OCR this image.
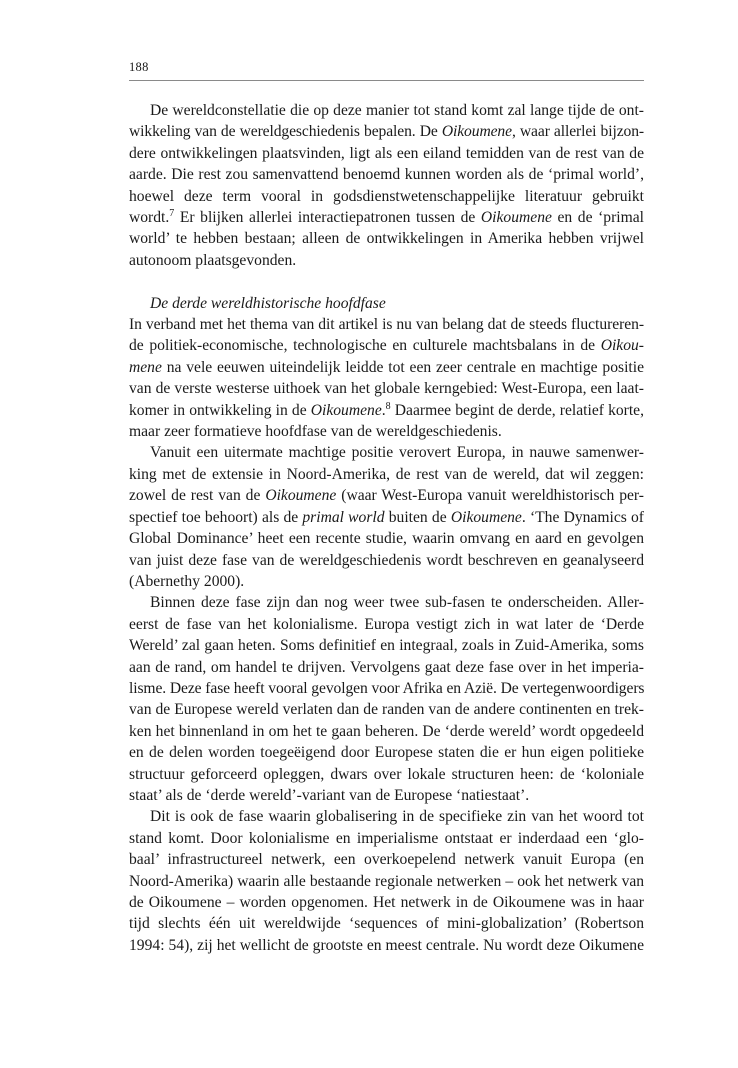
188
De wereldconstellatie die op deze manier tot stand komt zal lange tijde de ont-
wikkeling van de wereldgeschiedenis bepalen. De Oikoumene, waar allerlei bijzon-
dere ontwikkelingen plaatsvinden, ligt als een eiland temidden van de rest van de
aarde. Die rest zou samenvattend benoemd kunnen worden als de ‘primal world’,
hoewel deze term vooral in godsdienstwetenschappelijke literatuur gebruikt
wordt.$^7$ Er blijken allerlei interactiepatronen tussen de Oikoumene en de ‘primal
world’ te hebben bestaan; alleen de ontwikkelingen in Amerika hebben vrijwel
autonoom plaatsgevonden.
De derde wereldhistorische hoofdfase
In verband met het thema van dit artikel is nu van belang dat de steeds fluctureren-
de politiek-economische, technologische en culturele machtsbalans in de Oikou-
mene na vele eeuwen uiteindelijk leidde tot een zeer centrale en machtige positie
van de verste westerse uithoek van het globale kerngebied: West-Europa, een laat-
komer in ontwikkeling in de Oikoumene.$^8$ Daarmee begint de derde, relatief korte,
maar zeer formatieve hoofdfase van de wereldgeschiedenis.
Vanuit een uitermate machtige positie verovert Europa, in nauwe samenwer-
king met de extensie in Noord-Amerika, de rest van de wereld, dat wil zeggen:
zowel de rest van de Oikoumene (waar West-Europa vanuit wereldhistorisch per-
spectief toe behoort) als de primal world buiten de Oikoumene. ‘The Dynamics of
Global Dominance’ heet een recente studie, waarin omvang en aard en gevolgen
van juist deze fase van de wereldgeschiedenis wordt beschreven en geanalyseerd
(Abernethy 2000).
Binnen deze fase zijn dan nog weer twee sub-fasen te onderscheiden. Aller-
eerst de fase van het kolonialisme. Europa vestigt zich in wat later de ‘Derde
Wereld’ zal gaan heten. Soms definitief en integraal, zoals in Zuid-Amerika, soms
aan de rand, om handel te drijven. Vervolgens gaat deze fase over in het imperia-
lisme. Deze fase heeft vooral gevolgen voor Afrika en Azië. De vertegenwoordigers
van de Europese wereld verlaten dan de randen van de andere continenten en trek-
ken het binnenland in om het te gaan beheren. De ‘derde wereld’ wordt opgedeeld
en de delen worden toegeëigend door Europese staten die er hun eigen politieke
structuur geforceerd opleggen, dwars over lokale structuren heen: de ‘koloniale
staat’ als de ‘derde wereld’-variant van de Europese ‘natiestaat’.
Dit is ook de fase waarin globalisering in de specifieke zin van het woord tot
stand komt. Door kolonialisme en imperialisme ontstaat er inderdaad een ‘glo-
baal’ infrastructureel netwerk, een overkoepelend netwerk vanuit Europa (en
Noord-Amerika) waarin alle bestaande regionale netwerken – ook het netwerk van
de Oikoumene – worden opgenomen. Het netwerk in de Oikoumene was in haar
tijd slechts één uit wereldwijde ‘sequences of mini-globalization’ (Robertson
1994: 54), zij het wellicht de grootste en meest centrale. Nu wordt deze Oikumene
